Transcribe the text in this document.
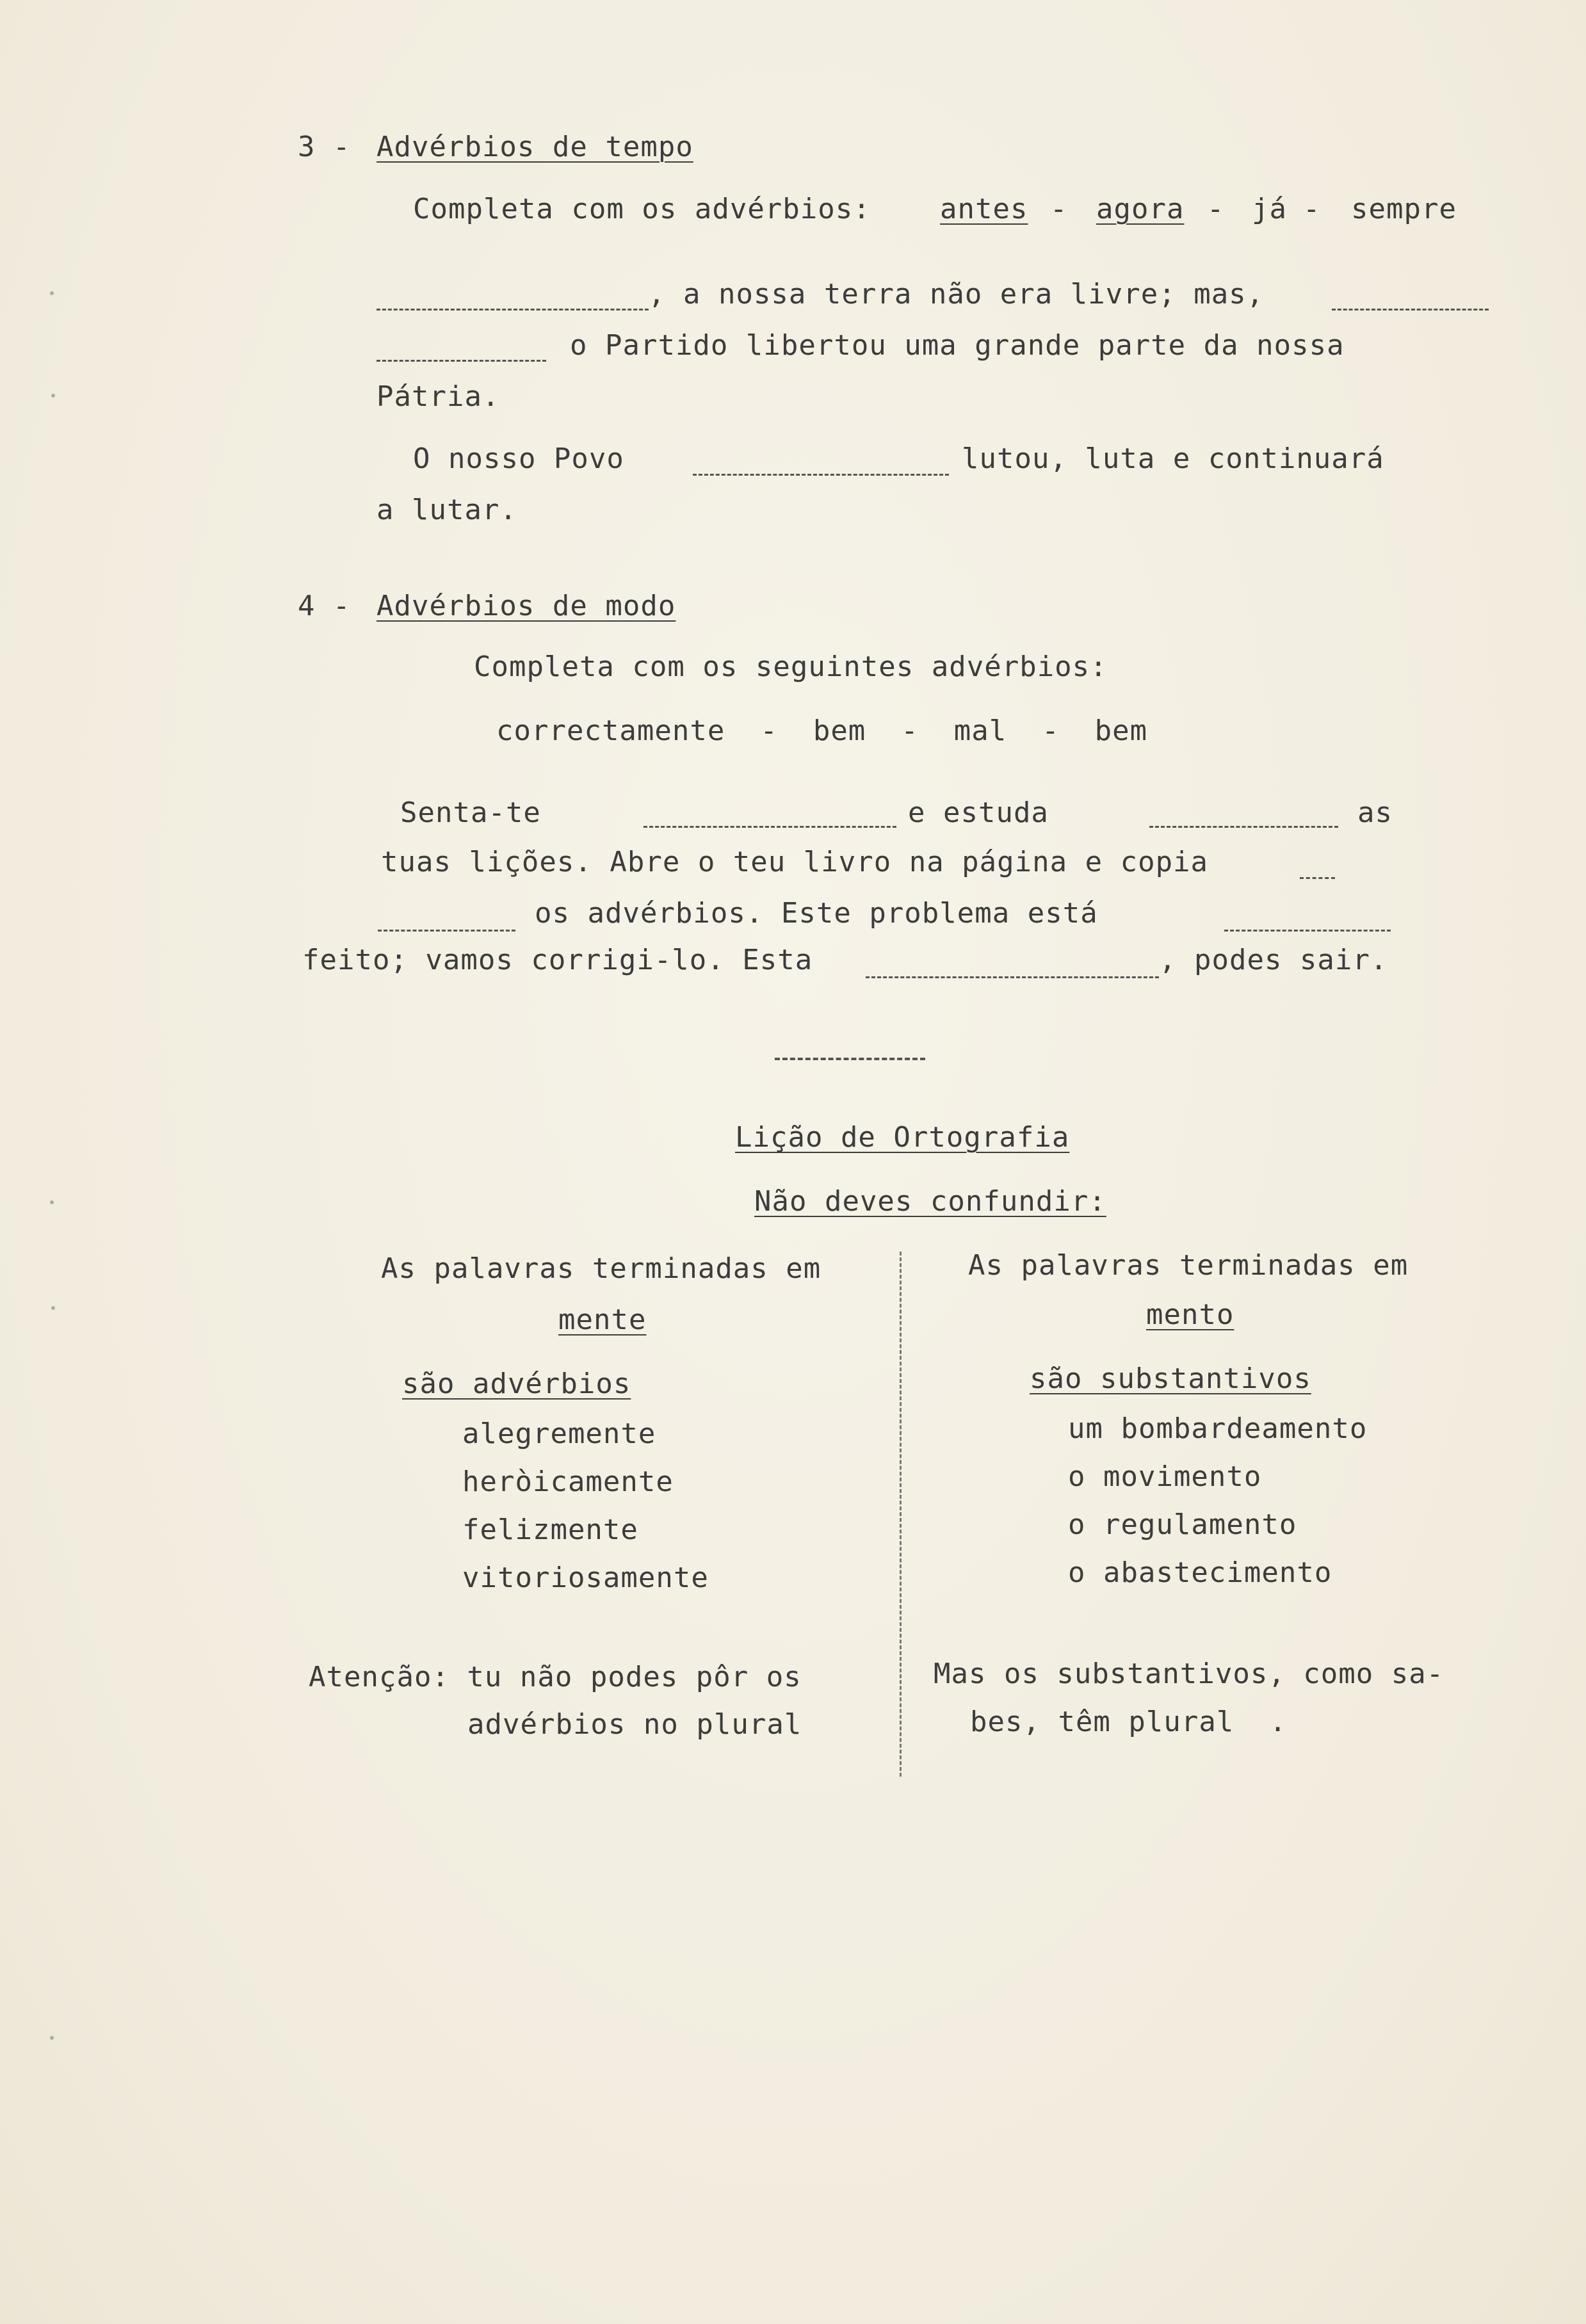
3 - Advérbios de tempo
Completa com os advérbios: antes - agora - já - sempre
, a nossa terra não era livre; mas,
o Partido libertou uma grande parte da nossa
Pátria.
O nosso Povo	lutou, luta e continuará
a lutar.
4 - Advérbios de modo
Completa com os seguintes advérbios:
correctamente  -  bem  -  mal  -  bem
Senta-te	e estuda	as
tuas lições. Abre o teu livro na página e copia
os advérbios. Este problema está
feito; vamos corrigi-lo. Esta	, podes sair.
Lição de Ortografia
Não deves confundir:
As palavras terminadas em
mente
são advérbios
alegremente
heròicamente
felizmente
vitoriosamente
Atenção: tu não podes pôr os
advérbios no plural
As palavras terminadas em
mento
são substantivos
um bombardeamento
o movimento
o regulamento
o abastecimento
Mas os substantivos, como sa-
bes, têm plural  .
